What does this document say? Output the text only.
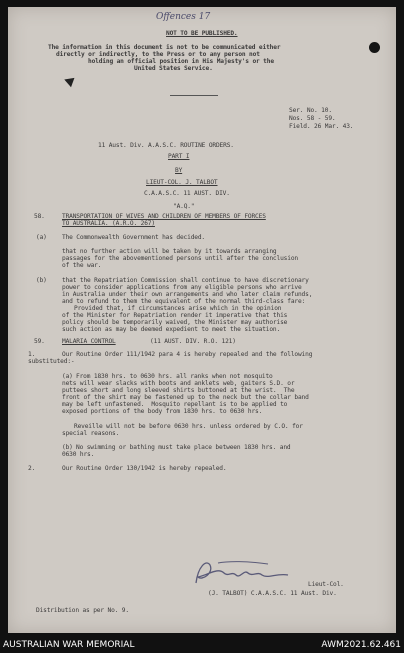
Offences 17
NOT TO BE PUBLISHED.
The information in this document is not to be communicated either
directly or indirectly, to the Press or to any person not
holding an official position in His Majesty's or the
United States Service.
Ser. No. 10.
Nos. 58 - 59.
Field. 26 Mar. 43.
11 Aust. Div. A.A.S.C. ROUTINE ORDERS.
PART I
BY
LIEUT-COL. J. TALBOT
C.A.A.S.C. 11 AUST. DIV.
"A.Q."
58.	TRANSPORTATION OF WIVES AND CHILDREN OF MEMBERS OF FORCES
TO AUSTRALIA. (A.R.O. 267)
(a) The Commonwealth Government has decided.
that no further action will be taken by it towards arranging
passages for the abovementioned persons until after the conclusion
of the war.
(b) that the Repatriation Commission shall continue to have discretionary
power to consider applications from any eligible persons who arrive
in Australia under their own arrangements and who later claim refunds,
and to refund to them the equivalent of the normal third-class fare:
Provided that, if circumstances arise which in the opinion
of the Minister for Repatriation render it imperative that this
policy should be temporarily waived, the Minister may authorise
such action as may be deemed expedient to meet the situation.
59.	MALARIA CONTROL	(11 AUST. DIV. R.O. 121)
1.	Our Routine Order 111/1942 para 4 is hereby repealed and the following
substituted:-
(a) From 1830 hrs. to 0630 hrs. all ranks when not mosquito
nets will wear slacks with boots and anklets web, gaiters S.D. or
puttees short and long sleeved shirts buttoned at the wrist.  The
front of the shirt may be fastened up to the neck but the collar band
may be left unfastened.  Mosquito repellant is to be applied to
exposed portions of the body from 1830 hrs. to 0630 hrs.
Reveille will not be before 0630 hrs. unless ordered by C.O. for
special reasons.
(b) No swimming or bathing must take place between 1830 hrs. and
0630 hrs.
2.	Our Routine Order 130/1942 is hereby repealed.
Lieut-Col.
(J. TALBOT) C.A.A.S.C. 11 Aust. Div.
Distribution as per No. 9.
AUSTRALIAN WAR MEMORIAL	AWM2021.62.461
